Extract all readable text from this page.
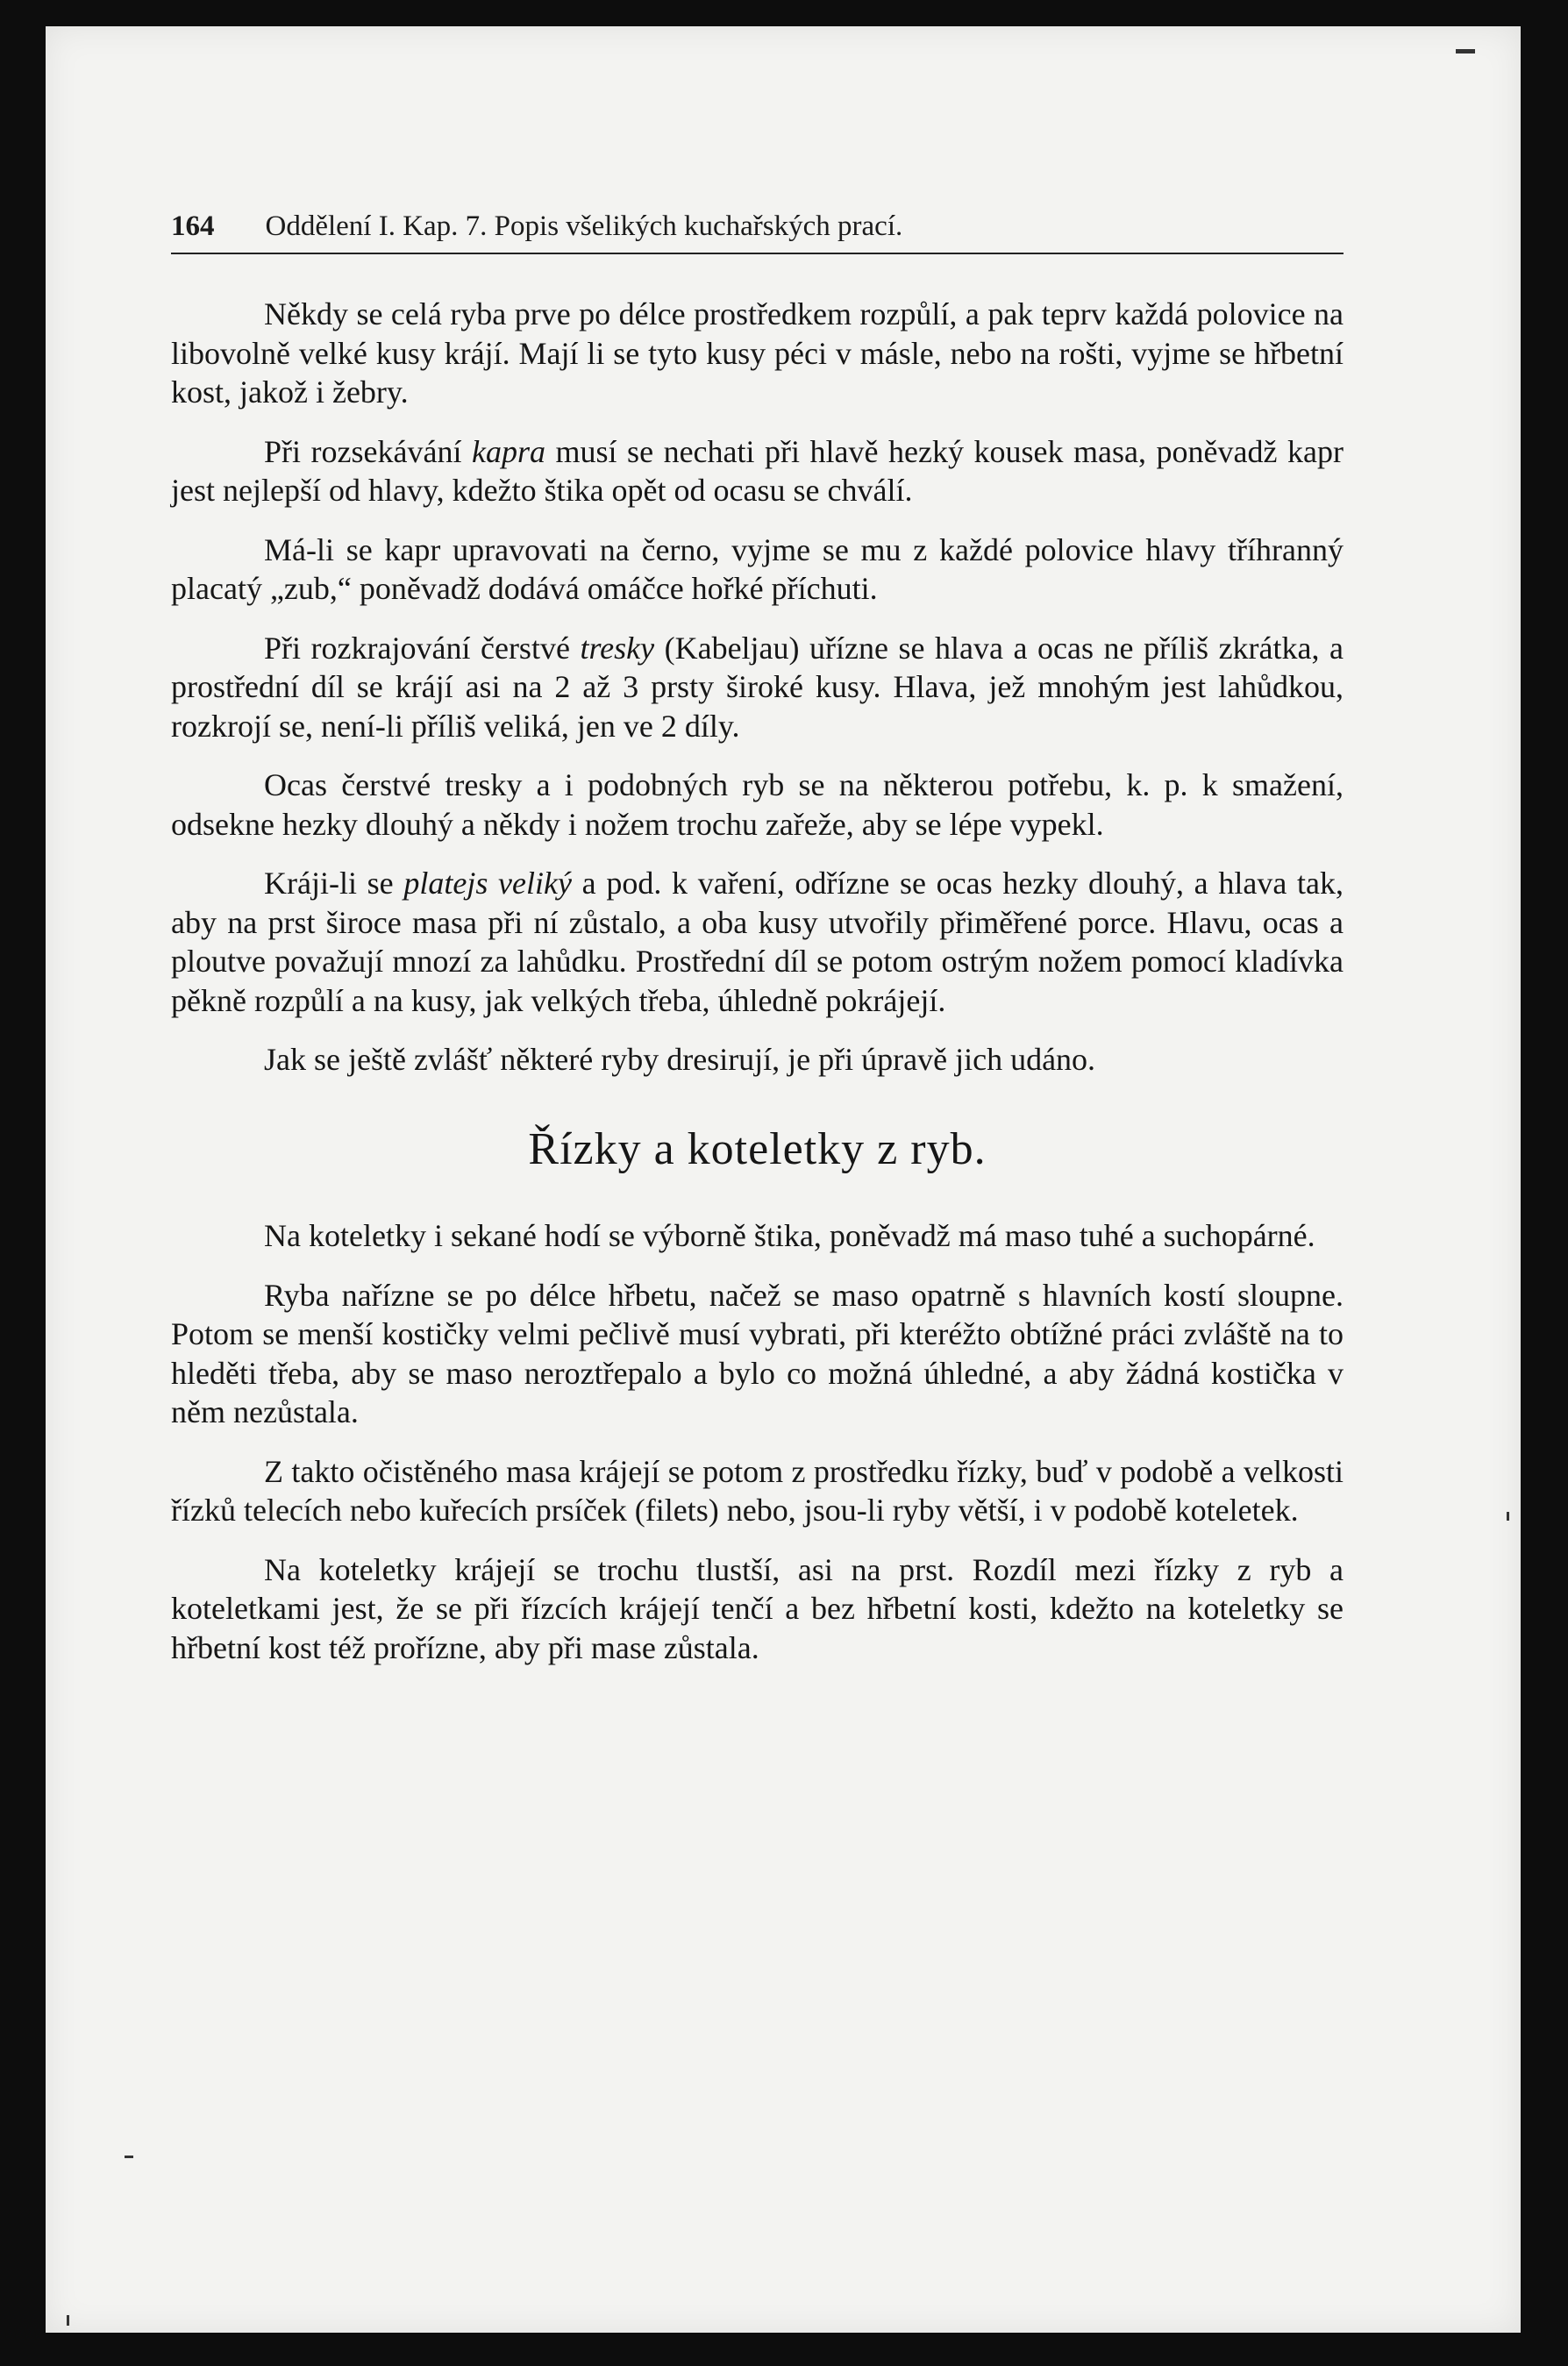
164 Oddělení I. Kap. 7. Popis všelikých kuchařských prací.

Někdy se celá ryba prve po délce prostředkem rozpůlí, a pak teprv každá polovice na libovolně velké kusy krájí. Mají li se tyto kusy péci v másle, nebo na rošti, vyjme se hřbetní kost, jakož i žebry.

Při rozsekávání kapra musí se nechati při hlavě hezký kousek masa, poněvadž kapr jest nejlepší od hlavy, kdežto štika opět od ocasu se chválí.

Má-li se kapr upravovati na černo, vyjme se mu z každé polovice hlavy tříhranný placatý „zub,“ poněvadž dodává omáčce hořké příchuti.

Při rozkrajování čerstvé tresky (Kabeljau) uřízne se hlava a ocas ne příliš zkrátka, a prostřední díl se krájí asi na 2 až 3 prsty široké kusy. Hlava, jež mnohým jest lahůdkou, rozkrojí se, není-li příliš veliká, jen ve 2 díly.

Ocas čerstvé tresky a i podobných ryb se na některou potřebu, k. p. k smažení, odsekne hezky dlouhý a někdy i nožem trochu zařeže, aby se lépe vypekl.

Kráji-li se platejs veliký a pod. k vaření, odřízne se ocas hezky dlouhý, a hlava tak, aby na prst široce masa při ní zůstalo, a oba kusy utvořily přiměřené porce. Hlavu, ocas a ploutve považují mnozí za lahůdku. Prostřední díl se potom ostrým nožem pomocí kladívka pěkně rozpůlí a na kusy, jak velkých třeba, úhledně pokrájejí.

Jak se ještě zvlášť některé ryby dresirují, je při úpravě jich udáno.

Řízky a koteletky z ryb.

Na koteletky i sekané hodí se výborně štika, poněvadž má maso tuhé a suchopárné.

Ryba nařízne se po délce hřbetu, načež se maso opatrně s hlavních kostí sloupne. Potom se menší kostičky velmi pečlivě musí vybrati, při kteréžto obtížné práci zvláště na to hleděti třeba, aby se maso neroztřepalo a bylo co možná úhledné, a aby žádná kostička v něm nezůstala.

Z takto očistěného masa krájejí se potom z prostředku řízky, buď v podobě a velkosti řízků telecích nebo kuřecích prsíček (filets) nebo, jsou-li ryby větší, i v podobě koteletek.

Na koteletky krájejí se trochu tlustší, asi na prst. Rozdíl mezi řízky z ryb a koteletkami jest, že se při řízcích krájejí tenčí a bez hřbetní kosti, kdežto na koteletky se hřbetní kost též prořízne, aby při mase zůstala.
